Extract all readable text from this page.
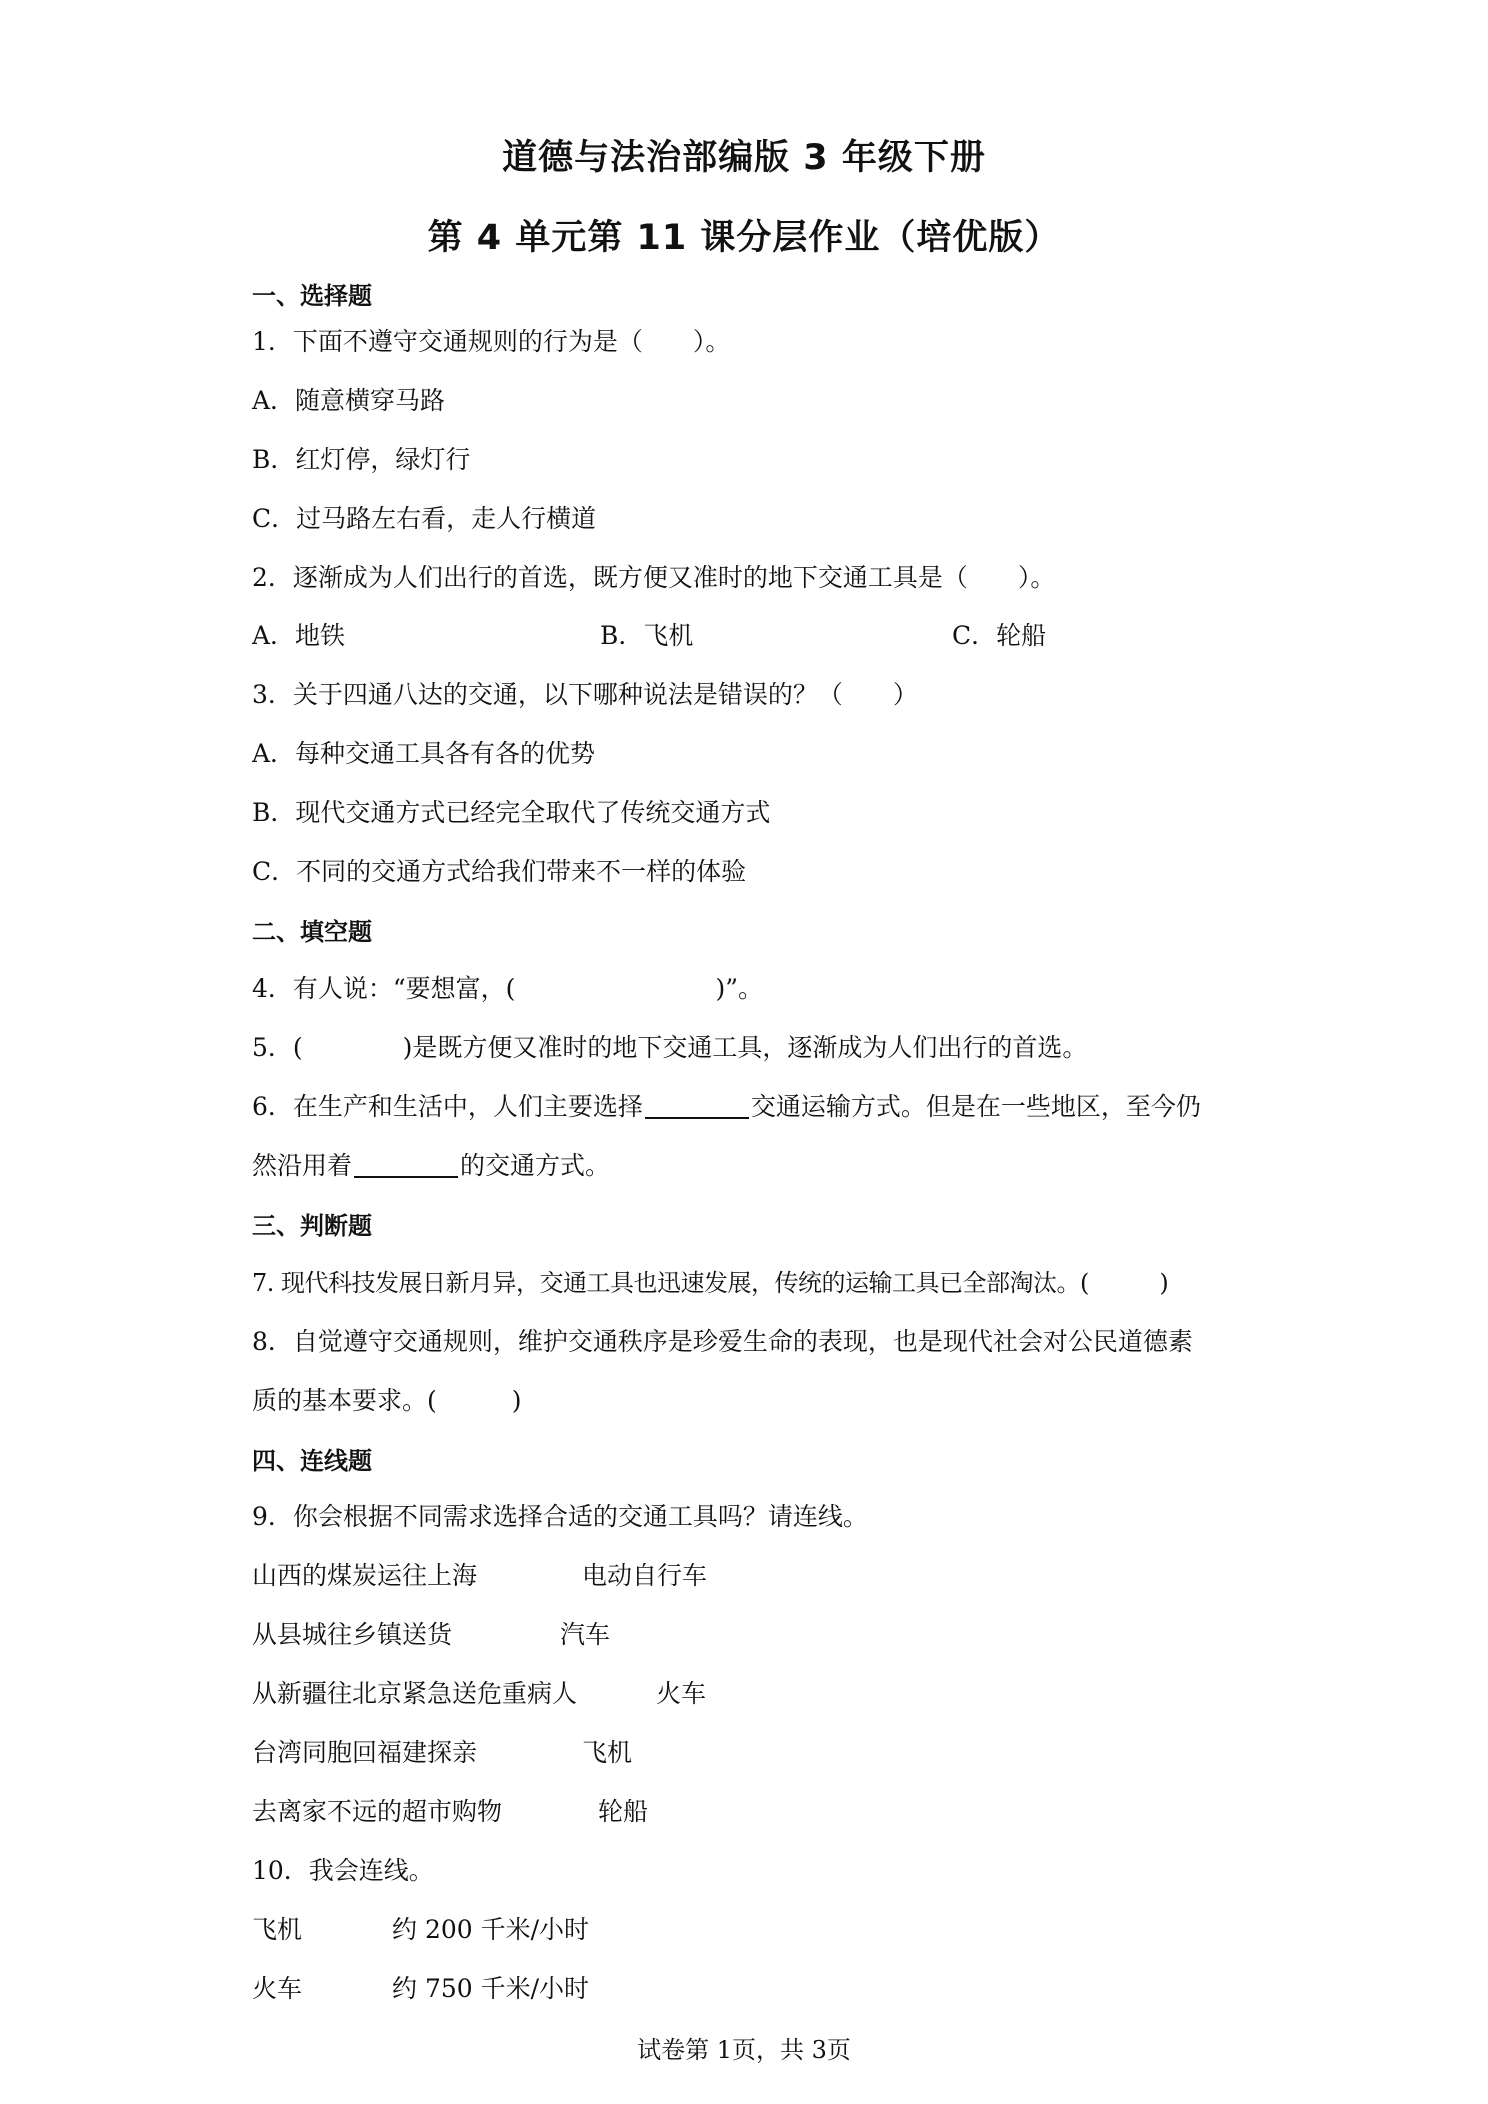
道德与法治部编版 3 年级下册
第 4 单元第 11 课分层作业（培优版）
一、选择题
1．下面不遵守交通规则的行为是（　　）。
A．随意横穿马路
B．红灯停，绿灯行
C．过马路左右看，走人行横道
2．逐渐成为人们出行的首选，既方便又准时的地下交通工具是（　　）。
A．地铁	B．飞机	C．轮船
3．关于四通八达的交通，以下哪种说法是错误的？（　　）
A．每种交通工具各有各的优势
B．现代交通方式已经完全取代了传统交通方式
C．不同的交通方式给我们带来不一样的体验
二、填空题
4．有人说：“要想富，(　　　　　　　　)”。
5．(　　　　)是既方便又准时的地下交通工具，逐渐成为人们出行的首选。
6．在生产和生活中，人们主要选择	交通运输方式。但是在一些地区，至今仍
然沿用着	的交通方式。
三、判断题
7. 现代科技发展日新月异，交通工具也迅速发展，传统的运输工具已全部淘汰。(　　　)
8．自觉遵守交通规则，维护交通秩序是珍爱生命的表现，也是现代社会对公民道德素
质的基本要求。(　　　)
四、连线题
9．你会根据不同需求选择合适的交通工具吗？请连线。
山西的煤炭运往上海	电动自行车
从县城往乡镇送货	汽车
从新疆往北京紧急送危重病人	火车
台湾同胞回福建探亲	飞机
去离家不远的超市购物	轮船
10．我会连线。
飞机	约 200 千米/小时
火车	约 750 千米/小时
试卷第 1页，共 3页
